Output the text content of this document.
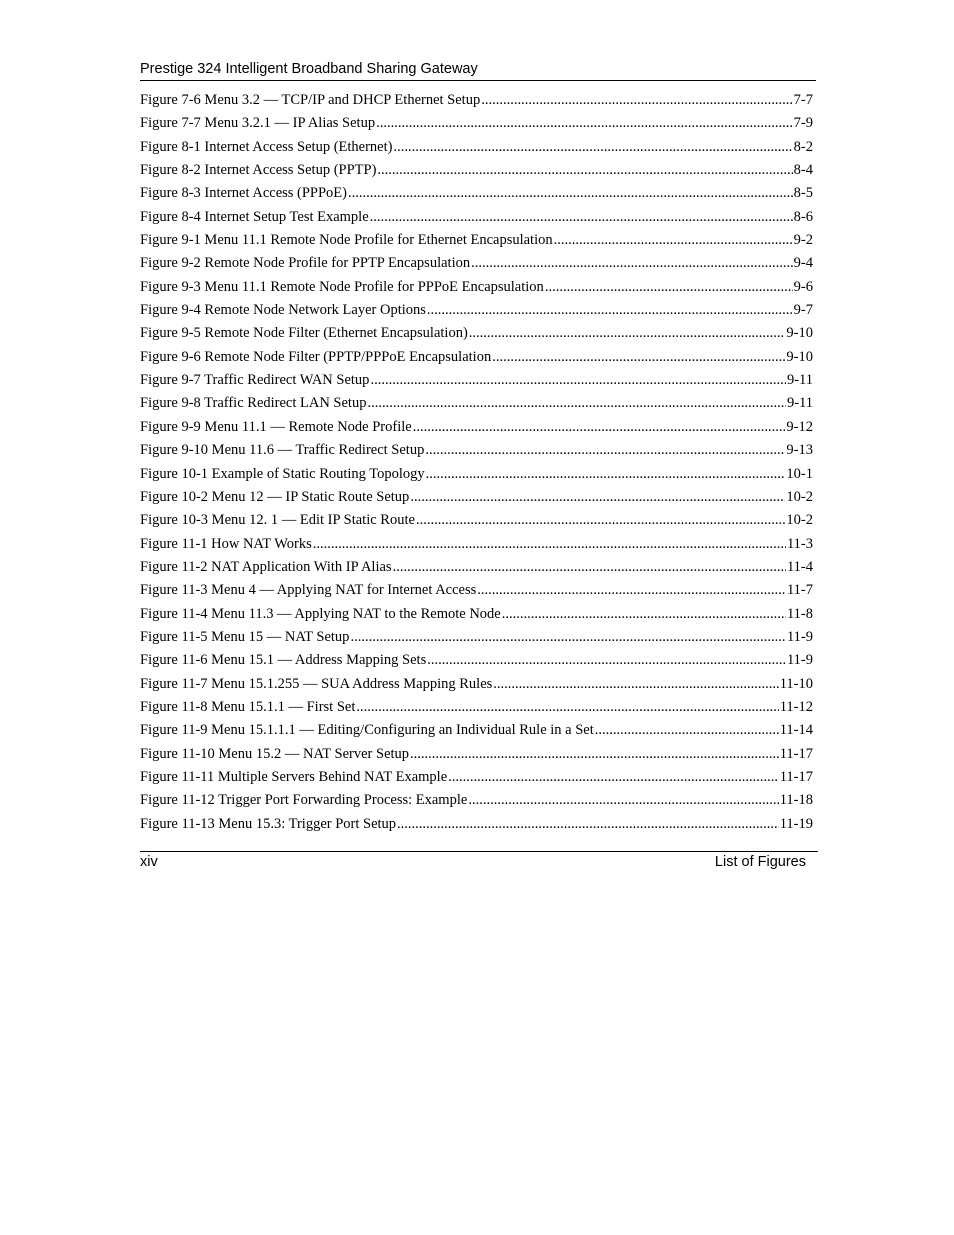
Prestige 324 Intelligent Broadband Sharing Gateway
Figure 7-6 Menu 3.2 — TCP/IP and DHCP Ethernet Setup .....	7-7
Figure 7-7 Menu 3.2.1 — IP Alias Setup .....	7-9
Figure 8-1 Internet Access Setup (Ethernet) .....	8-2
Figure 8-2 Internet Access Setup (PPTP) .....	8-4
Figure 8-3 Internet Access (PPPoE) .....	8-5
Figure 8-4 Internet Setup Test Example .....	8-6
Figure 9-1 Menu 11.1 Remote Node Profile for Ethernet Encapsulation .....	9-2
Figure 9-2 Remote Node Profile for PPTP Encapsulation .....	9-4
Figure 9-3 Menu 11.1 Remote Node Profile for PPPoE Encapsulation .....	9-6
Figure 9-4 Remote Node Network Layer Options .....	9-7
Figure 9-5 Remote Node Filter (Ethernet Encapsulation) .....	9-10
Figure 9-6 Remote Node Filter (PPTP/PPPoE Encapsulation .....	9-10
Figure 9-7 Traffic Redirect WAN Setup .....	9-11
Figure 9-8 Traffic Redirect LAN Setup .....	9-11
Figure 9-9 Menu 11.1 — Remote Node Profile .....	9-12
Figure 9-10 Menu 11.6 — Traffic Redirect Setup .....	9-13
Figure 10-1 Example of Static Routing Topology .....	10-1
Figure 10-2 Menu 12 — IP Static Route Setup .....	10-2
Figure 10-3 Menu 12. 1 — Edit IP Static Route .....	10-2
Figure 11-1 How NAT Works .....	11-3
Figure 11-2 NAT Application With IP Alias .....	11-4
Figure 11-3 Menu 4 — Applying NAT for Internet Access .....	11-7
Figure 11-4 Menu 11.3 — Applying NAT to the Remote Node .....	11-8
Figure 11-5 Menu 15 — NAT Setup .....	11-9
Figure 11-6 Menu 15.1 — Address Mapping Sets .....	11-9
Figure 11-7 Menu 15.1.255 — SUA Address Mapping Rules .....	11-10
Figure 11-8 Menu 15.1.1 — First Set .....	11-12
Figure 11-9 Menu 15.1.1.1 — Editing/Configuring an Individual Rule in a Set .....	11-14
Figure 11-10 Menu 15.2 — NAT Server Setup .....	11-17
Figure 11-11 Multiple Servers Behind NAT Example .....	11-17
Figure 11-12 Trigger Port Forwarding Process: Example .....	11-18
Figure 11-13 Menu 15.3: Trigger Port Setup .....	11-19
xiv	List of Figures
